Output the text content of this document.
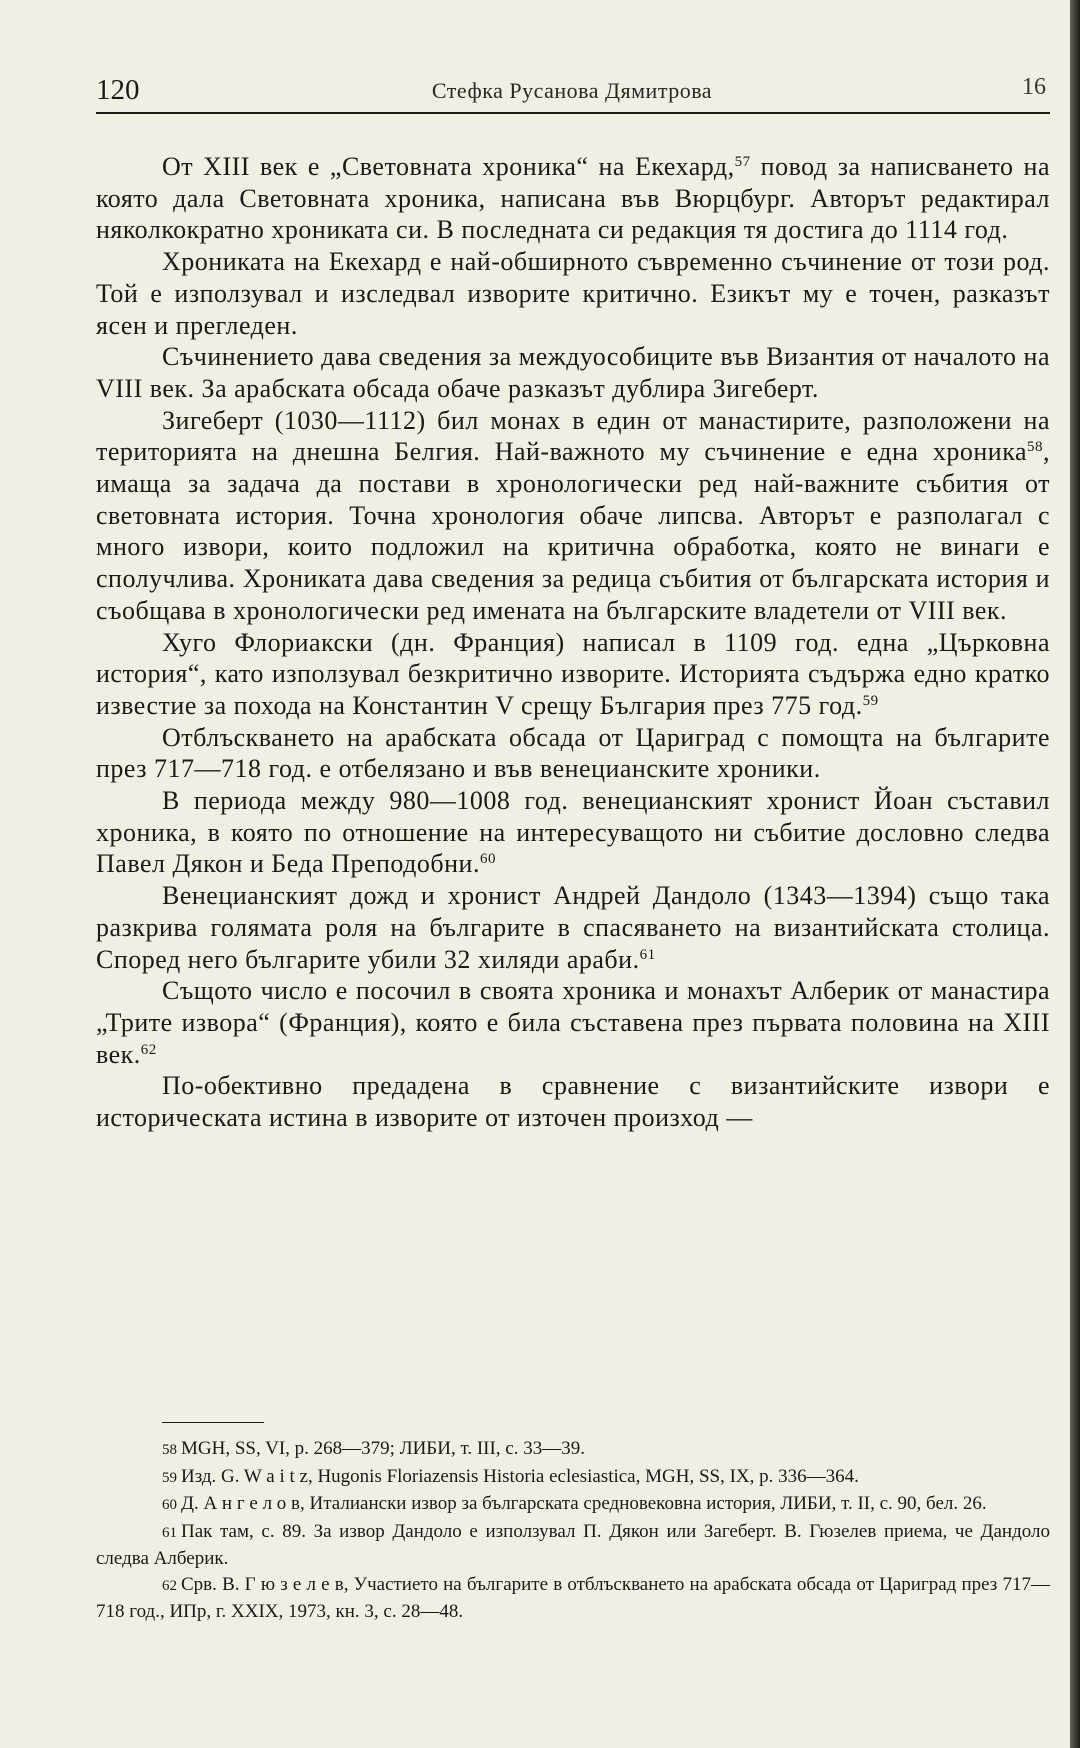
120	Стефка Русанова Дямитрова	16

От XIII век е „Световната хроника“ на Екехард,$^{57}$ повод за написването на която дала Световната хроника, написана във Вюрцбург. Авторът редактирал няколкократно хрониката си. В последната си редакция тя достига до 1114 год.

Хрониката на Екехард е най-обширното съвременно съчинение от този род. Той е използувал и изследвал изворите критично. Езикът му е точен, разказът ясен и прегледен.

Съчинението дава сведения за междуособиците във Византия от началото на VIII век. За арабската обсада обаче разказът дублира Зигеберт.

Зигеберт (1030—1112) бил монах в един от манастирите, разположени на територията на днешна Белгия. Най-важното му съчинение е една хроника$^{58}$, имаща за задача да постави в хронологически ред най-важните събития от световната история. Точна хронология обаче липсва. Авторът е разполагал с много извори, които подложил на критична обработка, която не винаги е сполучлива. Хрониката дава сведения за редица събития от българската история и съобщава в хронологически ред имената на българските владетели от VIII век.

Хуго Флориакски (дн. Франция) написал в 1109 год. една „Църковна история“, като използувал безкритично изворите. Историята съдържа едно кратко известие за похода на Константин V срещу България през 775 год.$^{59}$

Отблъскването на арабската обсада от Цариград с помощта на българите през 717—718 год. е отбелязано и във венецианските хроники.

В периода между 980—1008 год. венецианският хронист Йоан съставил хроника, в която по отношение на интересуващото ни събитие дословно следва Павел Дякон и Беда Преподобни.$^{60}$

Венецианският дожд и хронист Андрей Дандоло (1343—1394) също така разкрива голямата роля на българите в спасяването на византийската столица. Според него българите убили 32 хиляди араби.$^{61}$

Същото число е посочил в своята хроника и монахът Алберик от манастира „Трите извора“ (Франция), която е била съставена през първата половина на XIII век.$^{62}$

По-обективно предадена в сравнение с византийските извори е историческата истина в изворите от източен произход —

58 MGH, SS, VI, p. 268—379; ЛИБИ, т. III, с. 33—39.

59 Изд. G. W a i t z, Hugonis Floriazensis Historia eclesiastica, MGH, SS, IX, p. 336—364.

60 Д. А н г е л о в, Италиански извор за българската средновековна история, ЛИБИ, т. II, с. 90, бел. 26.

61 Пак там, с. 89. За извор Дандоло е използувал П. Дякон или Загеберт. В. Гюзелев приема, че Дандоло следва Алберик.

62 Срв. В. Г ю з е л е в, Участието на българите в отблъскването на арабската обсада от Цариград през 717—718 год., ИПр, г. XXIX, 1973, кн. 3, с. 28—48.
